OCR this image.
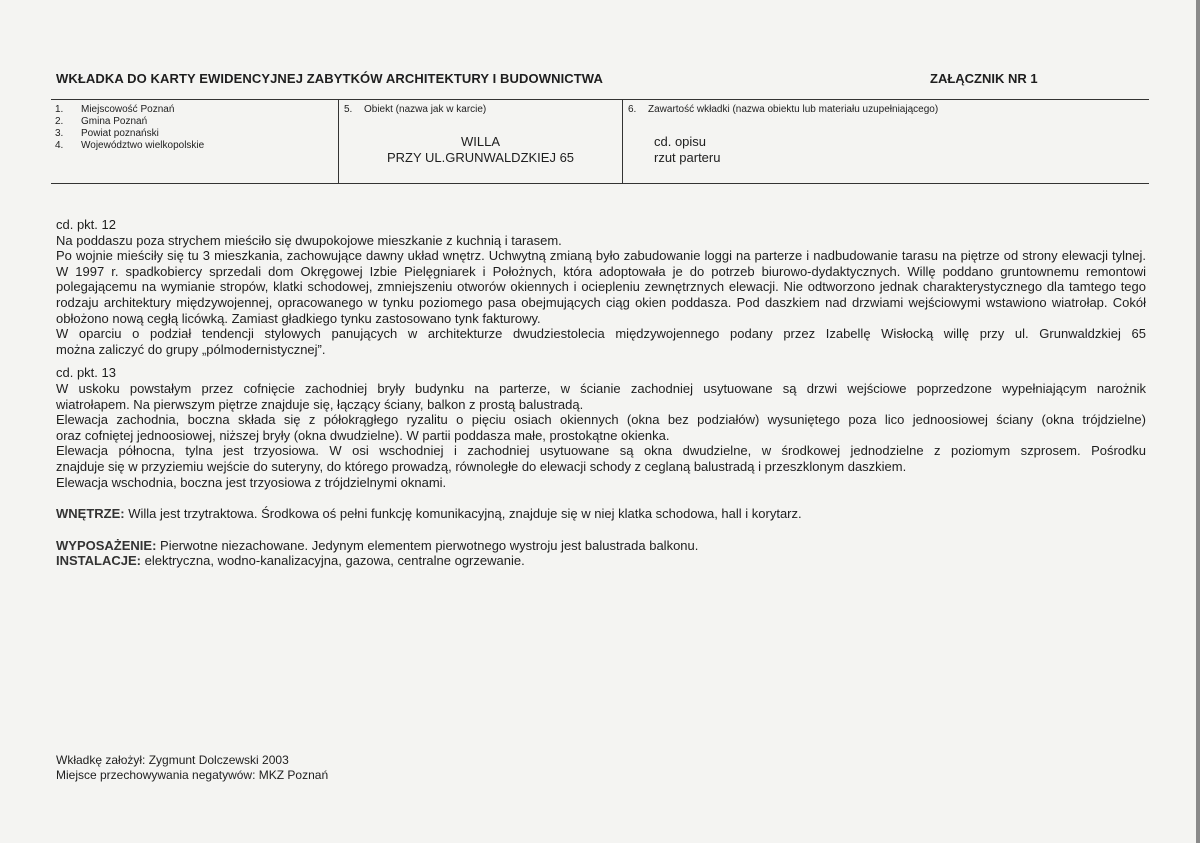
WKŁADKA DO KARTY EWIDENCYJNEJ ZABYTKÓW ARCHITEKTURY I BUDOWNICTWA	ZAŁĄCZNIK NR 1
1.	Miejscowość Poznań
2.	Gmina Poznań
3.	Powiat poznański
4.	Województwo wielkopolskie
5.	Obiekt (nazwa jak w karcie)
WILLA
PRZY UL.GRUNWALDZKIEJ 65
6.	Zawartość wkładki (nazwa obiektu lub materiału uzupełniającego)
cd. opisu
rzut parteru

cd. pkt. 12

Na poddaszu poza strychem mieściło się dwupokojowe mieszkanie z kuchnią i tarasem.

Po wojnie mieściły się tu 3 mieszkania, zachowujące dawny układ wnętrz. Uchwytną zmianą było zabudowanie loggi na parterze i nadbudowanie tarasu na piętrze od strony elewacji tylnej. W 1997 r. spadkobiercy sprzedali dom Okręgowej Izbie Pielęgniarek i Położnych, która adoptowała je do potrzeb biurowo-dydaktycznych. Willę poddano gruntownemu remontowi polegającemu na wymianie stropów, klatki schodowej, zmniejszeniu otworów okiennych i ociepleniu zewnętrznych elewacji. Nie odtworzono jednak charakterystycznego dla tamtego tego rodzaju architektury międzywojennej, opracowanego w tynku poziomego pasa obejmujących ciąg okien poddasza. Pod daszkiem nad drzwiami wejściowymi wstawiono wiatrołap. Cokół obłożono nową cegłą licówką. Zamiast gładkiego tynku zastosowano tynk fakturowy.

W oparciu o podział tendencji stylowych panujących w architekturze dwudziestolecia międzywojennego podany przez Izabellę Wisłocką willę przy ul. Grunwaldzkiej 65

można zaliczyć do grupy „pólmodernistycznej”.

cd. pkt. 13

W uskoku powstałym przez cofnięcie zachodniej bryły budynku na parterze, w ścianie zachodniej usytuowane są drzwi wejściowe poprzedzone wypełniającym narożnik

wiatrołapem. Na pierwszym piętrze znajduje się, łączący ściany, balkon z prostą balustradą.

Elewacja zachodnia, boczna składa się z półokrągłego ryzalitu o pięciu osiach okiennych (okna bez podziałów) wysuniętego poza lico jednoosiowej ściany (okna trójdzielne)

oraz cofniętej jednoosiowej, niższej bryły (okna dwudzielne). W partii poddasza małe, prostokątne okienka.

Elewacja północna, tylna jest trzyosiowa. W osi wschodniej i zachodniej usytuowane są okna dwudzielne, w środkowej jednodzielne z poziomym szprosem. Pośrodku

znajduje się w przyziemiu wejście do suteryny, do którego prowadzą, równoległe do elewacji schody z ceglaną balustradą i przeszklonym daszkiem.

Elewacja wschodnia, boczna jest trzyosiowa z trójdzielnymi oknami.

WNĘTRZE: Willa jest trzytraktowa. Środkowa oś pełni funkcję komunikacyjną, znajduje się w niej klatka schodowa, hall i korytarz.

WYPOSAŻENIE: Pierwotne niezachowane. Jedynym elementem pierwotnego wystroju jest balustrada balkonu.

INSTALACJE: elektryczna, wodno-kanalizacyjna, gazowa, centralne ogrzewanie.

Wkładkę założył: Zygmunt Dolczewski 2003
Miejsce przechowywania negatywów: MKZ Poznań
